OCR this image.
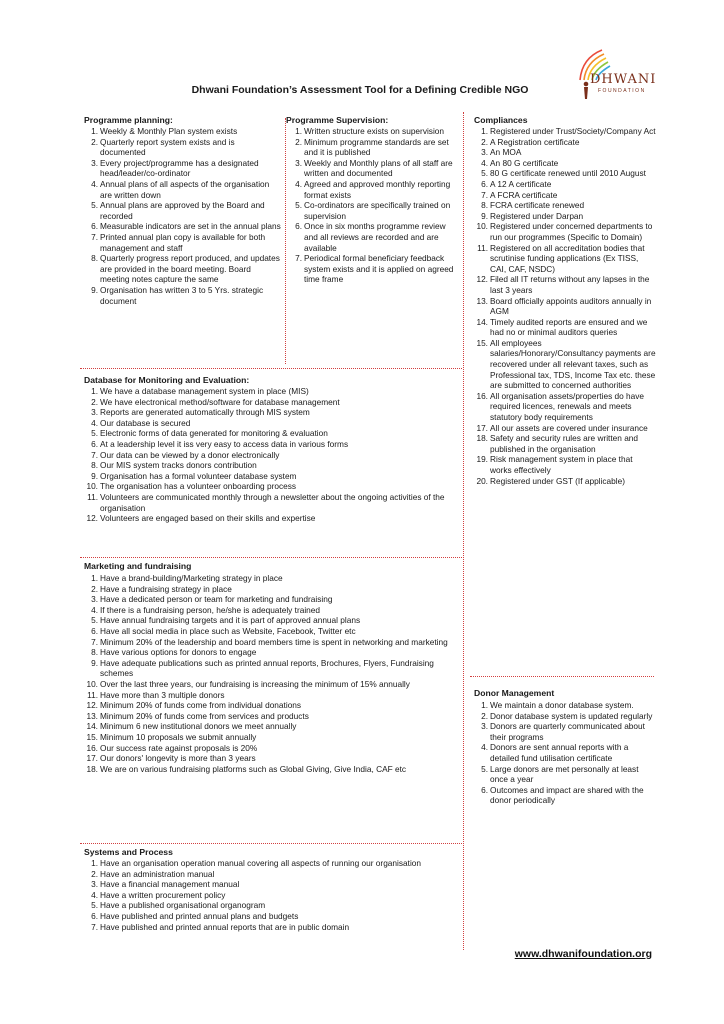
DHWANI
FOUNDATION
Dhwani Foundation’s Assessment Tool for a Defining Credible NGO
Programme planning:
1. Weekly & Monthly Plan system exists
2. Quarterly report system exists and is documented
3. Every project/programme has a designated head/leader/co-ordinator
4. Annual plans of all aspects of the organisation are written down
5. Annual plans are approved by the Board and recorded
6. Measurable indicators are set in the annual plans
7. Printed annual plan copy is available for both management and staff
8. Quarterly progress report produced, and updates are provided in the board meeting. Board meeting notes capture the same
9. Organisation has written 3 to 5 Yrs. strategic document
Programme Supervision:
1. Written structure exists on supervision
2. Minimum programme standards are set and it is published
3. Weekly and Monthly plans of all staff are written and documented
4. Agreed and approved monthly reporting format exists
5. Co-ordinators are specifically trained on supervision
6. Once in six months programme review and all reviews are recorded and are available
7. Periodical formal beneficiary feedback system exists and it is applied on agreed time frame
Compliances
1. Registered under Trust/Society/Company Act
2. A Registration certificate
3. An MOA
4. An 80 G certificate
5. 80 G certificate renewed until 2010 August
6. A 12 A certificate
7. A FCRA certificate
8. FCRA certificate renewed
9. Registered under Darpan
10. Registered under concerned departments to run our programmes (Specific to Domain)
11. Registered on all accreditation bodies that scrutinise funding applications (Ex TISS, CAI, CAF, NSDC)
12. Filed all IT returns without any lapses in the last 3 years
13. Board officially appoints auditors annually in AGM
14. Timely audited reports are ensured and we had no or minimal auditors queries
15. All employees salaries/Honorary/Consultancy payments are recovered under all relevant taxes, such as Professional tax, TDS, Income Tax etc. these are submitted to concerned authorities
16. All organisation assets/properties do have required licences, renewals and meets statutory body requirements
17. All our assets are covered under insurance
18. Safety and security rules are written and published in the organisation
19. Risk management system in place that works effectively
20. Registered under GST (If applicable)
Database for Monitoring and Evaluation:
1. We have a database management system in place (MIS)
2. We have electronical method/software for database management
3. Reports are generated automatically through MIS system
4. Our database is secured
5. Electronic forms of data generated for monitoring & evaluation
6. At a leadership level it iss very easy to access data in various forms
7. Our data can be viewed by a donor electronically
8. Our MIS system tracks donors contribution
9. Organisation has a formal volunteer database system
10. The organisation has a volunteer onboarding process
11. Volunteers are communicated monthly through a newsletter about the ongoing activities of the organisation
12. Volunteers are engaged based on their skills and expertise
Marketing and fundraising
1. Have a brand-building/Marketing strategy in place
2. Have a fundraising strategy in place
3. Have a dedicated person or team for marketing and fundraising
4. If there is a fundraising person, he/she is adequately trained
5. Have annual fundraising targets and it is part of approved annual plans
6. Have all social media in place such as Website, Facebook, Twitter etc
7. Minimum 20% of the leadership and board members time is spent in networking and marketing
8. Have various options for donors to engage
9. Have adequate publications such as printed annual reports, Brochures, Flyers, Fundraising schemes
10. Over the last three years, our fundraising is increasing the minimum of 15% annually
11. Have more than 3 multiple donors
12. Minimum 20% of funds come from individual donations
13. Minimum 20% of funds come from services and products
14. Minimum 6 new institutional donors we meet annually
15. Minimum 10 proposals we submit annually
16. Our success rate against proposals is 20%
17. Our donors' longevity is more than 3 years
18. We are on various fundraising platforms such as Global Giving, Give India, CAF etc
Systems and Process
1. Have an organisation operation manual covering all aspects of running our organisation
2. Have an administration manual
3. Have a financial management manual
4. Have a written procurement policy
5. Have a published organisational organogram
6. Have published and printed annual plans and budgets
7. Have published and printed annual reports that are in public domain
Donor Management
1. We maintain a donor database system.
2. Donor database system is updated regularly
3. Donors are quarterly communicated about their programs
4. Donors are sent annual reports with a detailed fund utilisation certificate
5. Large donors are met personally at least once a year
6. Outcomes and impact are shared with the donor periodically
www.dhwanifoundation.org
